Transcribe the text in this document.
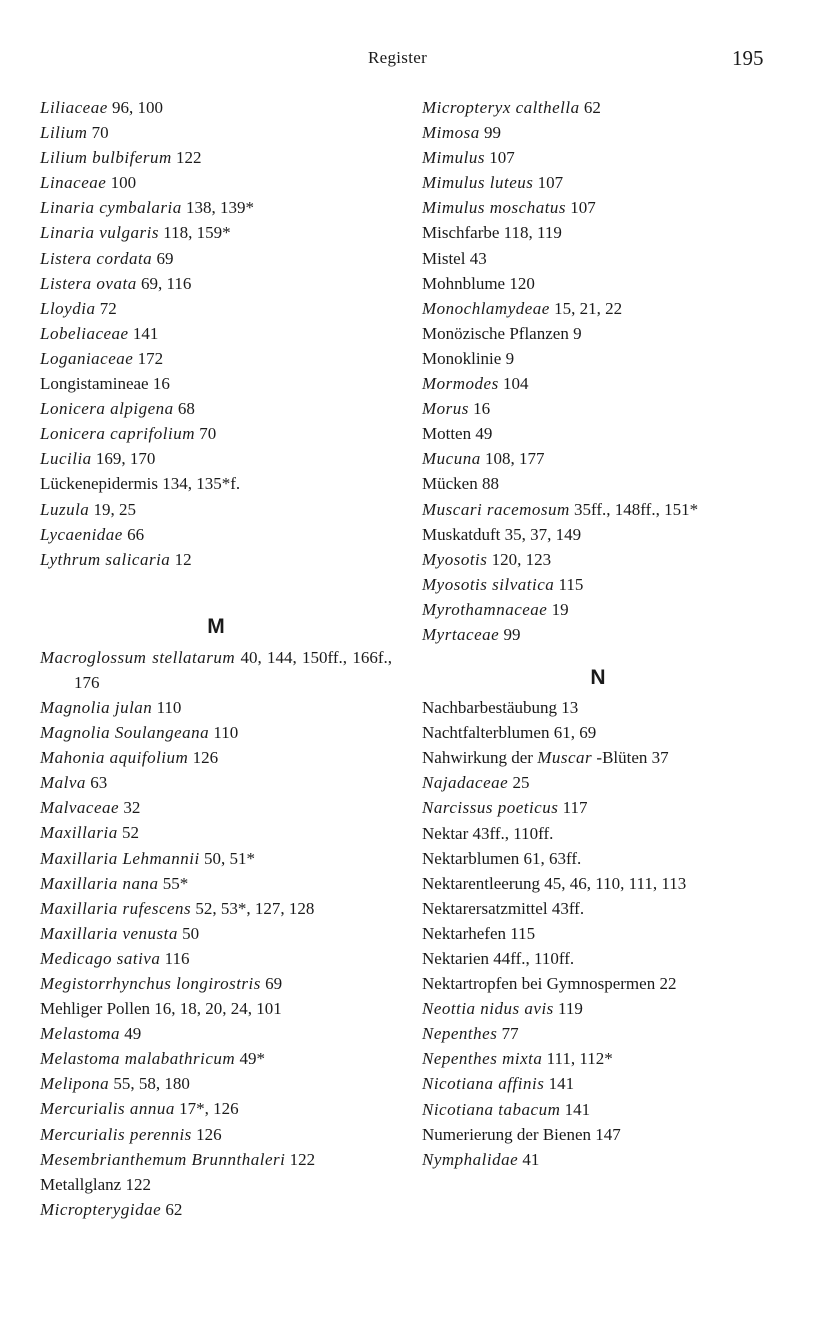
Register	195
Liliaceae 96, 100
Lilium 70
Lilium bulbiferum 122
Linaceae 100
Linaria cymbalaria 138, 139*
Linaria vulgaris 118, 159*
Listera cordata 69
Listera ovata 69, 116
Lloydia 72
Lobeliaceae 141
Loganiaceae 172
Longistamineae 16
Lonicera alpigena 68
Lonicera caprifolium 70
Lucilia 169, 170
Lückenepidermis 134, 135*f.
Luzula 19, 25
Lycaenidae 66
Lythrum salicaria 12
M
Macroglossum stellatarum 40, 144, 150ff., 166f., 176
Magnolia julan 110
Magnolia Soulangeana 110
Mahonia aquifolium 126
Malva 63
Malvaceae 32
Maxillaria 52
Maxillaria Lehmannii 50, 51*
Maxillaria nana 55*
Maxillaria rufescens 52, 53*, 127, 128
Maxillaria venusta 50
Medicago sativa 116
Megistorrhynchus longirostris 69
Mehliger Pollen 16, 18, 20, 24, 101
Melastoma 49
Melastoma malabathricum 49*
Melipona 55, 58, 180
Mercurialis annua 17*, 126
Mercurialis perennis 126
Mesembrianthemum Brunnthaleri 122
Metallglanz 122
Micropterygidae 62
Micropteryx calthella 62
Mimosa 99
Mimulus 107
Mimulus luteus 107
Mimulus moschatus 107
Mischfarbe 118, 119
Mistel 43
Mohnblume 120
Monochlamydeae 15, 21, 22
Monözische Pflanzen 9
Monoklinie 9
Mormodes 104
Morus 16
Motten 49
Mucuna 108, 177
Mücken 88
Muscari racemosum 35ff., 148ff., 151*
Muskatduft 35, 37, 149
Myosotis 120, 123
Myosotis silvatica 115
Myrothamnaceae 19
Myrtaceae 99
N
Nachbarbestäubung 13
Nachtfalterblumen 61, 69
Nahwirkung der Muscar -Blüten 37
Najadaceae 25
Narcissus poeticus 117
Nektar 43ff., 110ff.
Nektarblumen 61, 63ff.
Nektarentleerung 45, 46, 110, 111, 113
Nektarersatzmittel 43ff.
Nektarhefen 115
Nektarien 44ff., 110ff.
Nektartropfen bei Gymnospermen 22
Neottia nidus avis 119
Nepenthes 77
Nepenthes mixta 111, 112*
Nicotiana affinis 141
Nicotiana tabacum 141
Numerierung der Bienen 147
Nymphalidae 41
